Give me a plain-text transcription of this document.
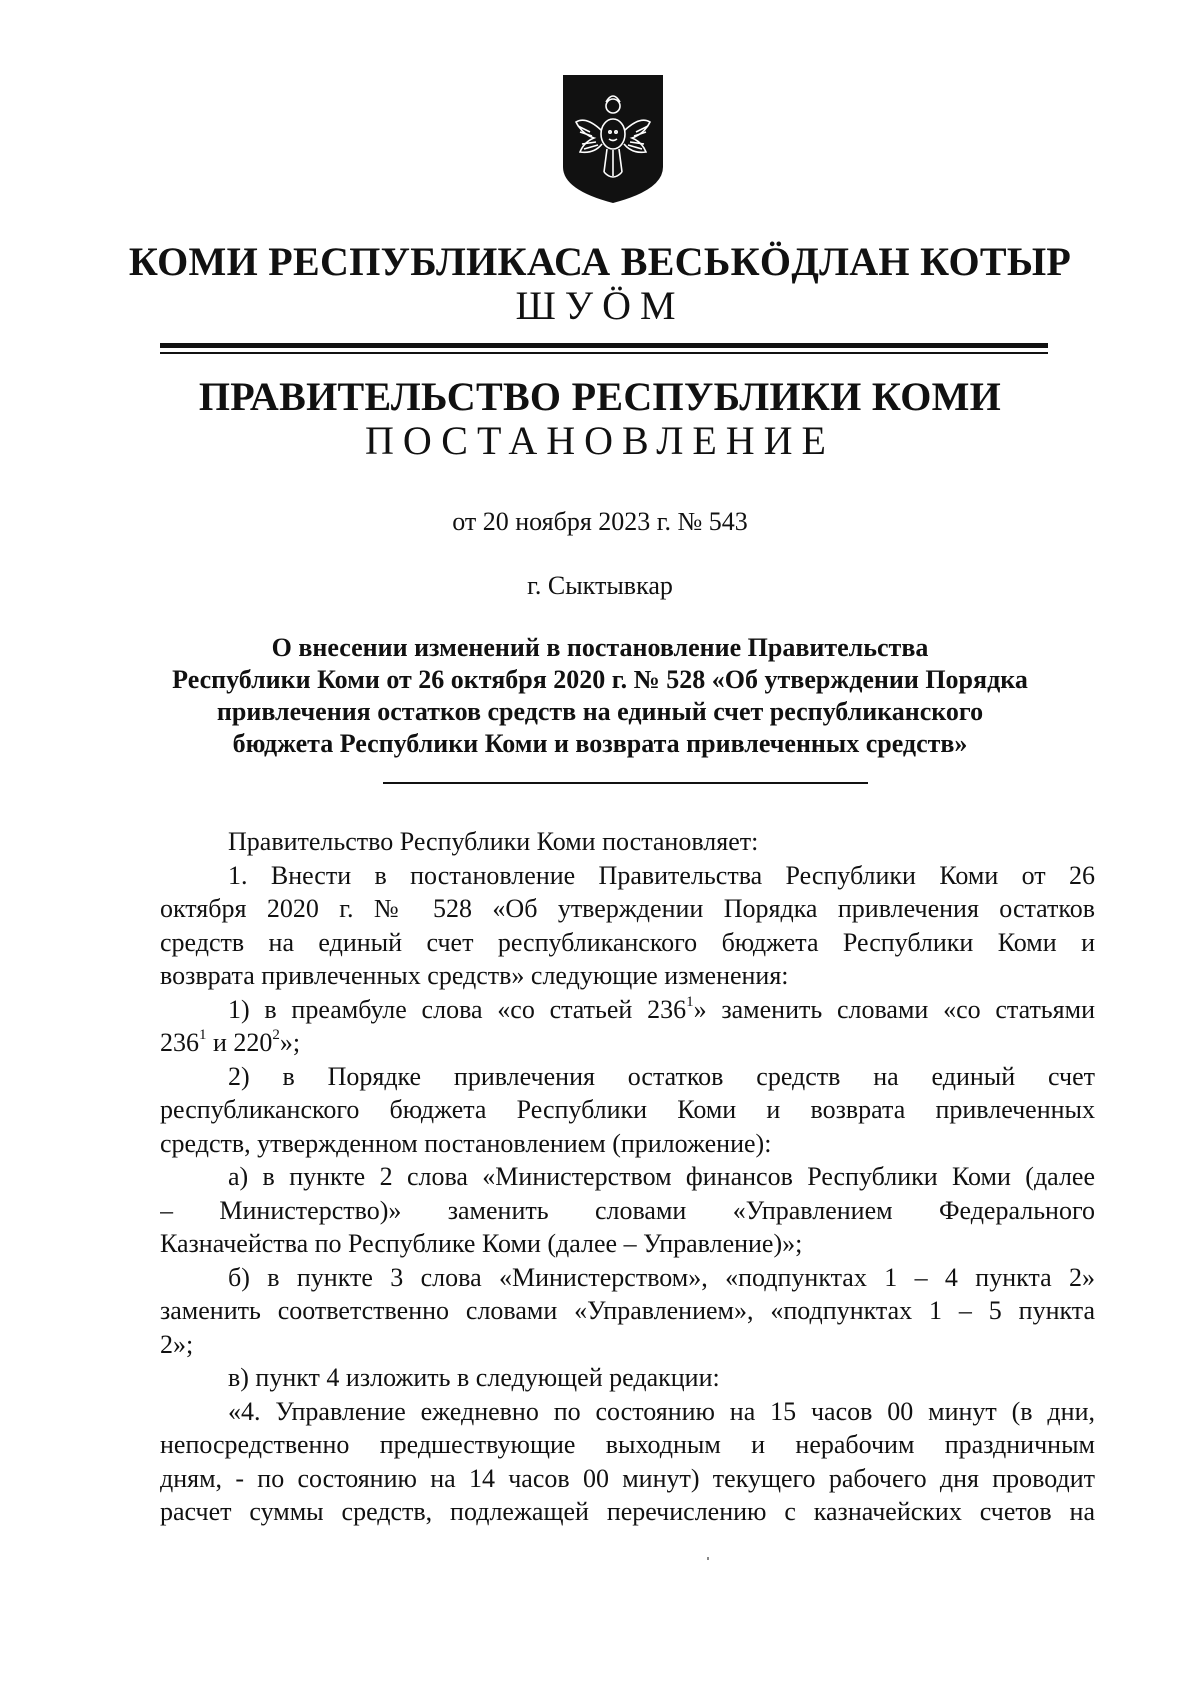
КОМИ РЕСПУБЛИКАСА ВЕСЬКӦДЛАН КОТЫР
ШУӦМ
ПРАВИТЕЛЬСТВО РЕСПУБЛИКИ КОМИ
ПОСТАНОВЛЕНИЕ
от 20 ноября 2023 г. № 543
г. Сыктывкар
О внесении изменений в постановление Правительства
Республики Коми от 26 октября 2020 г. № 528 «Об утверждении Порядка
привлечения остатков средств на единый счет республиканского
бюджета Республики Коми и возврата привлеченных средств»
Правительство Республики Коми постановляет:
1. Внести в постановление Правительства Республики Коми от 26
октября 2020 г. № 528 «Об утверждении Порядка привлечения остатков
средств на единый счет республиканского бюджета Республики Коми и
возврата привлеченных средств» следующие изменения:
1) в преамбуле слова «со статьей $236^1$» заменить словами «со статьями
$236^1$ и $220^2$»;
2) в Порядке привлечения остатков средств на единый счет
республиканского бюджета Республики Коми и возврата привлеченных
средств, утвержденном постановлением (приложение):
а) в пункте 2 слова «Министерством финансов Республики Коми (далее
– Министерство)» заменить словами «Управлением Федерального
Казначейства по Республике Коми (далее – Управление)»;
б) в пункте 3 слова «Министерством», «подпунктах 1 – 4 пункта 2»
заменить соответственно словами «Управлением», «подпунктах 1 – 5 пункта
2»;
в) пункт 4 изложить в следующей редакции:
«4. Управление ежедневно по состоянию на 15 часов 00 минут (в дни,
непосредственно предшествующие выходным и нерабочим праздничным
дням, - по состоянию на 14 часов 00 минут) текущего рабочего дня проводит
расчет суммы средств, подлежащей перечислению с казначейских счетов на
